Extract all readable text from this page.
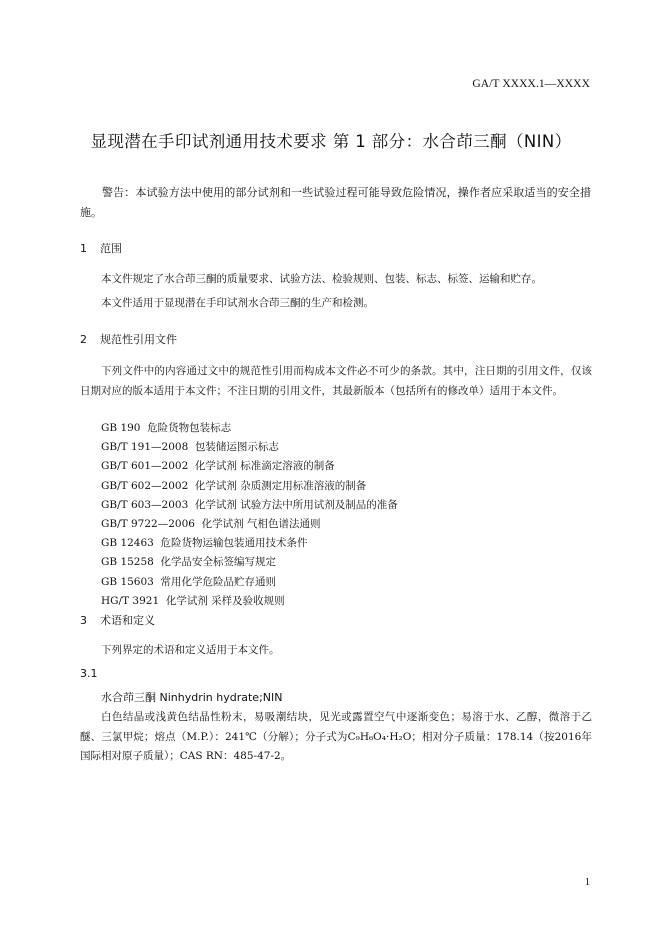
GA/T XXXX.1—XXXX
显现潜在手印试剂通用技术要求 第 1 部分：水合茚三酮（NIN）
警告：本试验方法中使用的部分试剂和一些试验过程可能导致危险情况，操作者应采取适当的安全措施。
1 范围
本文件规定了水合茚三酮的质量要求、试验方法、检验规则、包装、标志、标签、运输和贮存。
本文件适用于显现潜在手印试剂水合茚三酮的生产和检测。
2 规范性引用文件
下列文件中的内容通过文中的规范性引用而构成本文件必不可少的条款。其中，注日期的引用文件，仅该日期对应的版本适用于本文件；不注日期的引用文件，其最新版本（包括所有的修改单）适用于本文件。
GB 190  危险货物包装标志
GB/T 191—2008  包装储运图示标志
GB/T 601—2002  化学试剂 标准滴定溶液的制备
GB/T 602—2002  化学试剂 杂质测定用标准溶液的制备
GB/T 603—2003  化学试剂 试验方法中所用试剂及制品的准备
GB/T 9722—2006  化学试剂 气相色谱法通则
GB 12463  危险货物运输包装通用技术条件
GB 15258  化学品安全标签编写规定
GB 15603  常用化学危险品贮存通则
HG/T 3921  化学试剂 采样及验收规则
3 术语和定义
下列界定的术语和定义适用于本文件。
3.1
水合茚三酮 Ninhydrin hydrate;NIN
白色结晶或浅黄色结晶性粉末，易吸潮结块，见光或露置空气中逐渐变色；易溶于水、乙醇，微溶于乙醚、三氯甲烷；熔点（M.P.）：241℃（分解）；分子式为C₉H₆O₄·H₂O；相对分子质量：178.14（按2016年国际相对原子质量）；CAS RN：485-47-2。
1
